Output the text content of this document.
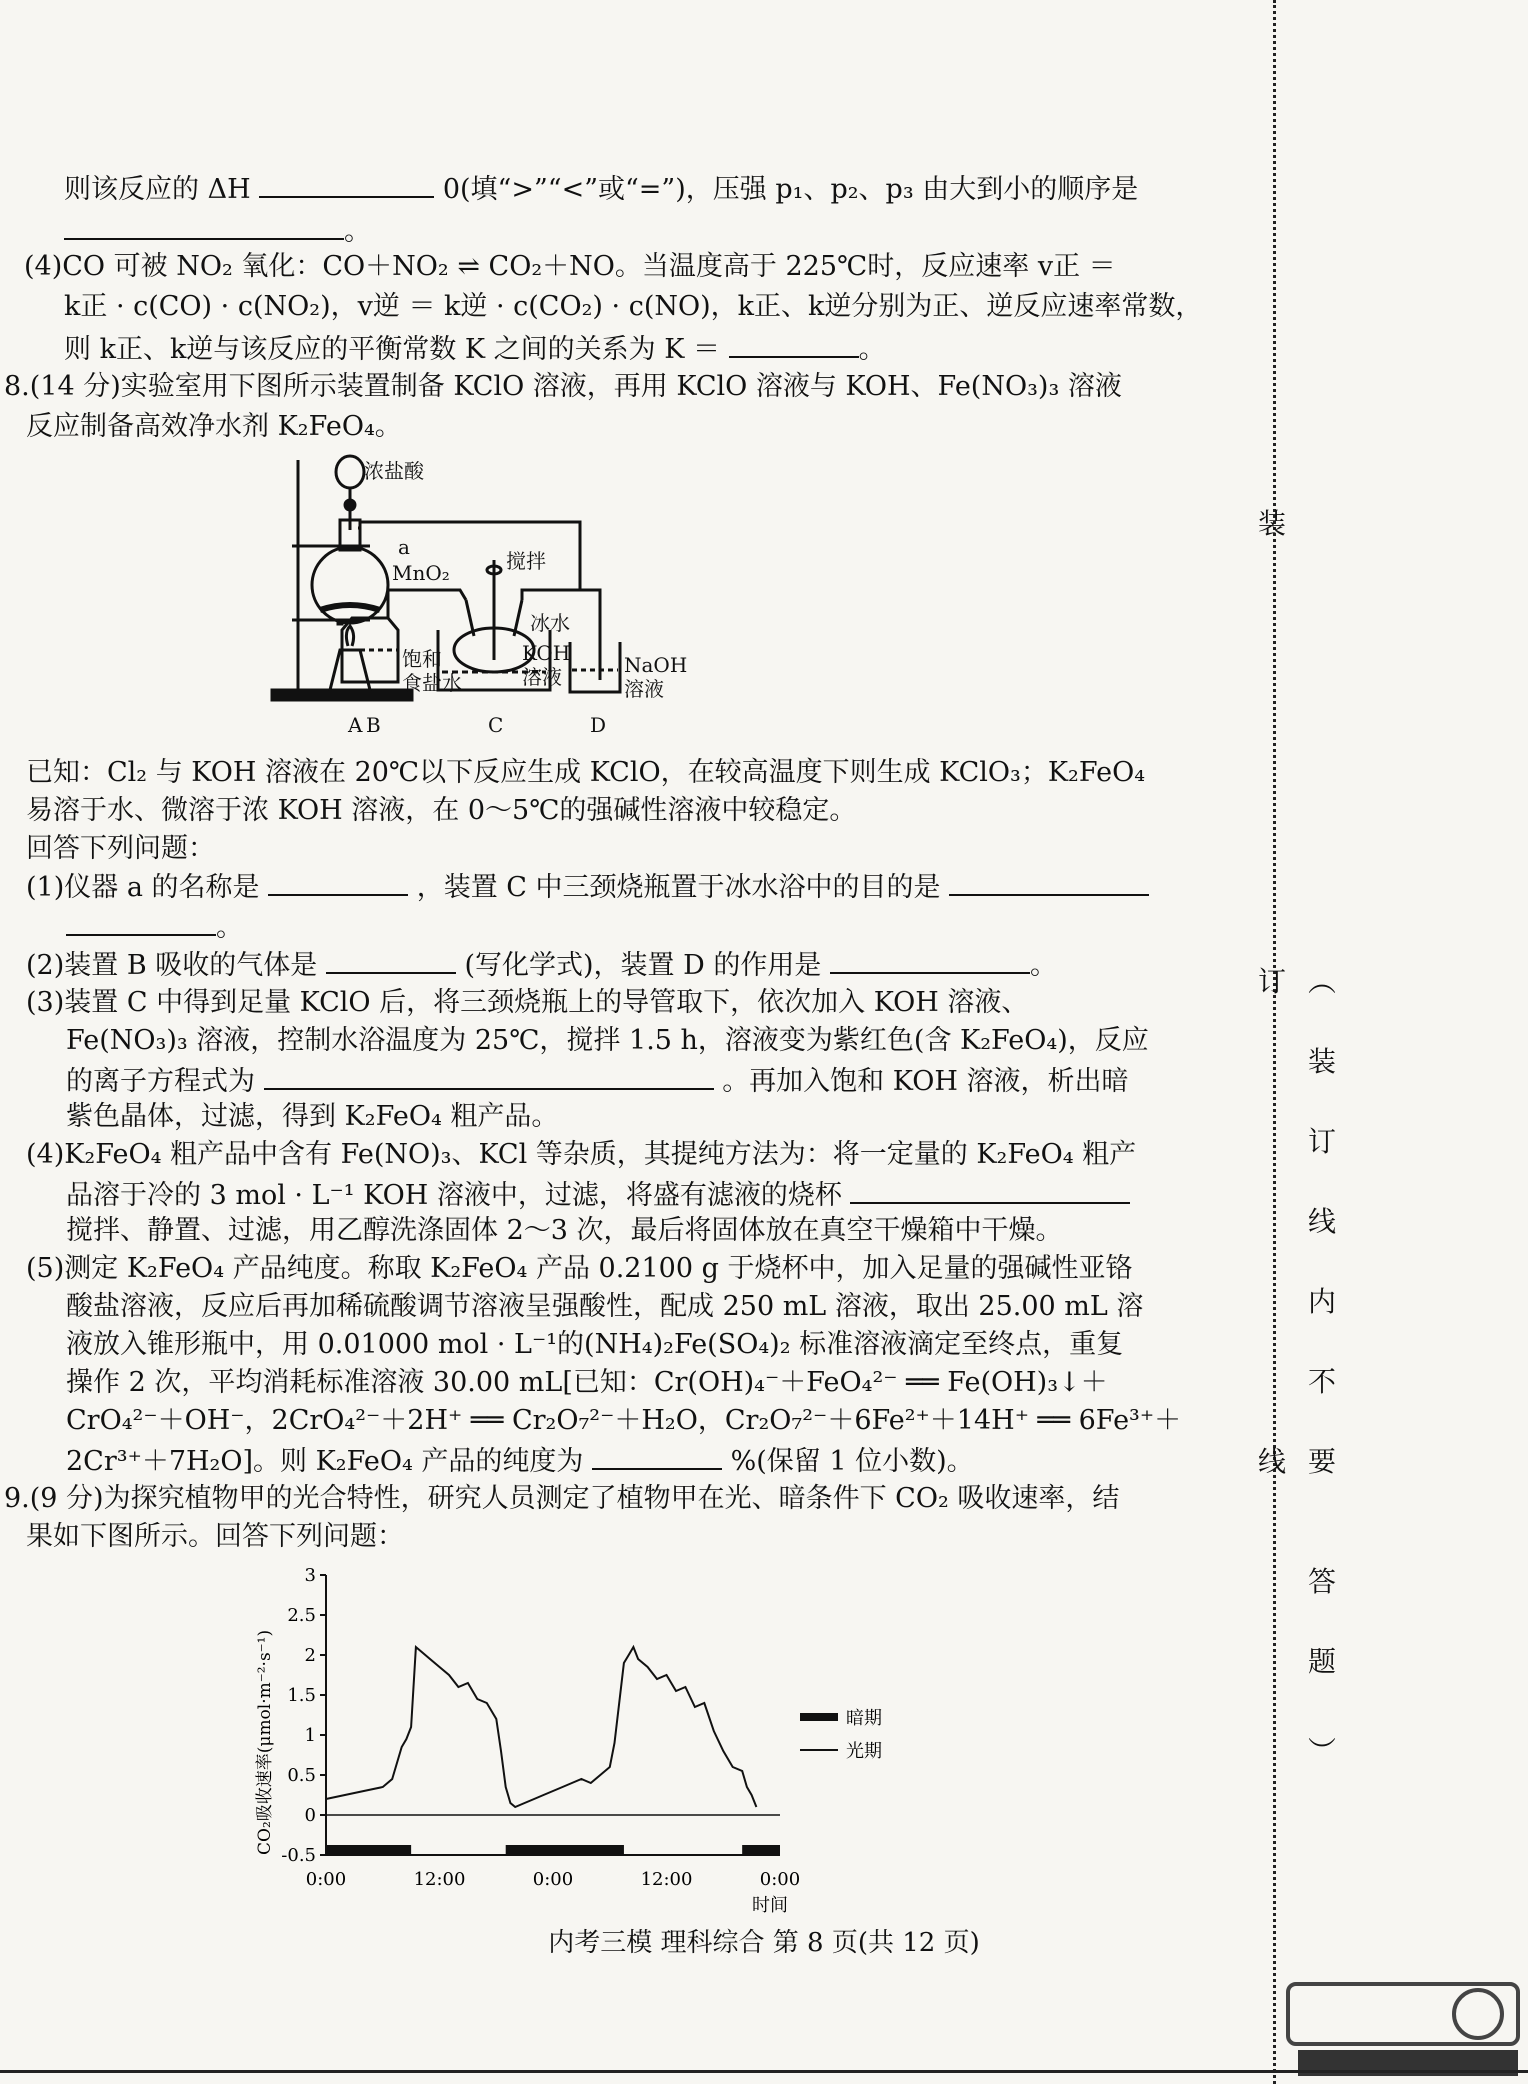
则该反应的 ΔH	0(填“>”“<”或“=”)，压强 p₁、p₂、p₃ 由大到小的顺序是
。
(4)CO 可被 NO₂ 氧化：CO＋NO₂ ⇌ CO₂＋NO。当温度高于 225℃时，反应速率 v正 ＝
k正 · c(CO) · c(NO₂)，v逆 ＝ k逆 · c(CO₂) · c(NO)，k正、k逆分别为正、逆反应速率常数，
则 k正、k逆与该反应的平衡常数 K 之间的关系为 K ＝	。
8.(14 分)实验室用下图所示装置制备 KClO 溶液，再用 KClO 溶液与 KOH、Fe(NO₃)₃ 溶液
反应制备高效净水剂 K₂FeO₄。
浓盐酸
a
MnO₂	搅拌
冰水
饱和
食盐水
KOH
溶液	NaOH
溶液
A B	C	D
已知：Cl₂ 与 KOH 溶液在 20℃以下反应生成 KClO，在较高温度下则生成 KClO₃；K₂FeO₄
易溶于水、微溶于浓 KOH 溶液，在 0～5℃的强碱性溶液中较稳定。
回答下列问题：
(1)仪器 a 的名称是	，装置 C 中三颈烧瓶置于冰水浴中的目的是
。
(2)装置 B 吸收的气体是	(写化学式)，装置 D 的作用是	。
(3)装置 C 中得到足量 KClO 后，将三颈烧瓶上的导管取下，依次加入 KOH 溶液、
Fe(NO₃)₃ 溶液，控制水浴温度为 25℃，搅拌 1.5 h，溶液变为紫红色(含 K₂FeO₄)，反应
的离子方程式为	。再加入饱和 KOH 溶液，析出暗
紫色晶体，过滤，得到 K₂FeO₄ 粗产品。
(4)K₂FeO₄ 粗产品中含有 Fe(NO)₃、KCl 等杂质，其提纯方法为：将一定量的 K₂FeO₄ 粗产
品溶于冷的 3 mol · L⁻¹ KOH 溶液中，过滤，将盛有滤液的烧杯
搅拌、静置、过滤，用乙醇洗涤固体 2～3 次，最后将固体放在真空干燥箱中干燥。
(5)测定 K₂FeO₄ 产品纯度。称取 K₂FeO₄ 产品 0.2100 g 于烧杯中，加入足量的强碱性亚铬
酸盐溶液，反应后再加稀硫酸调节溶液呈强酸性，配成 250 mL 溶液，取出 25.00 mL 溶
液放入锥形瓶中，用 0.01000 mol · L⁻¹的(NH₄)₂Fe(SO₄)₂ 标准溶液滴定至终点，重复
操作 2 次，平均消耗标准溶液 30.00 mL[已知：Cr(OH)₄⁻＋FeO₄²⁻ ══ Fe(OH)₃↓＋
CrO₄²⁻＋OH⁻，2CrO₄²⁻＋2H⁺ ══ Cr₂O₇²⁻＋H₂O，Cr₂O₇²⁻＋6Fe²⁺＋14H⁺ ══ 6Fe³⁺＋
2Cr³⁺＋7H₂O]。则 K₂FeO₄ 产品的纯度为	%(保留 1 位小数)。
9.(9 分)为探究植物甲的光合特性，研究人员测定了植物甲在光、暗条件下 CO₂ 吸收速率，结
果如下图所示。回答下列问题：
-0.5
0
0.5
1
1.5
2
2.5
3
0:00	12:00	0:00	12:00	0:00
时间
CO₂吸收速率(μmol·m⁻²·s⁻¹)	暗期
光期
装
订
线
︵
装
订
线
内
不
要
答
题
︶
内考三模 理科综合 第 8 页(共 12 页)
